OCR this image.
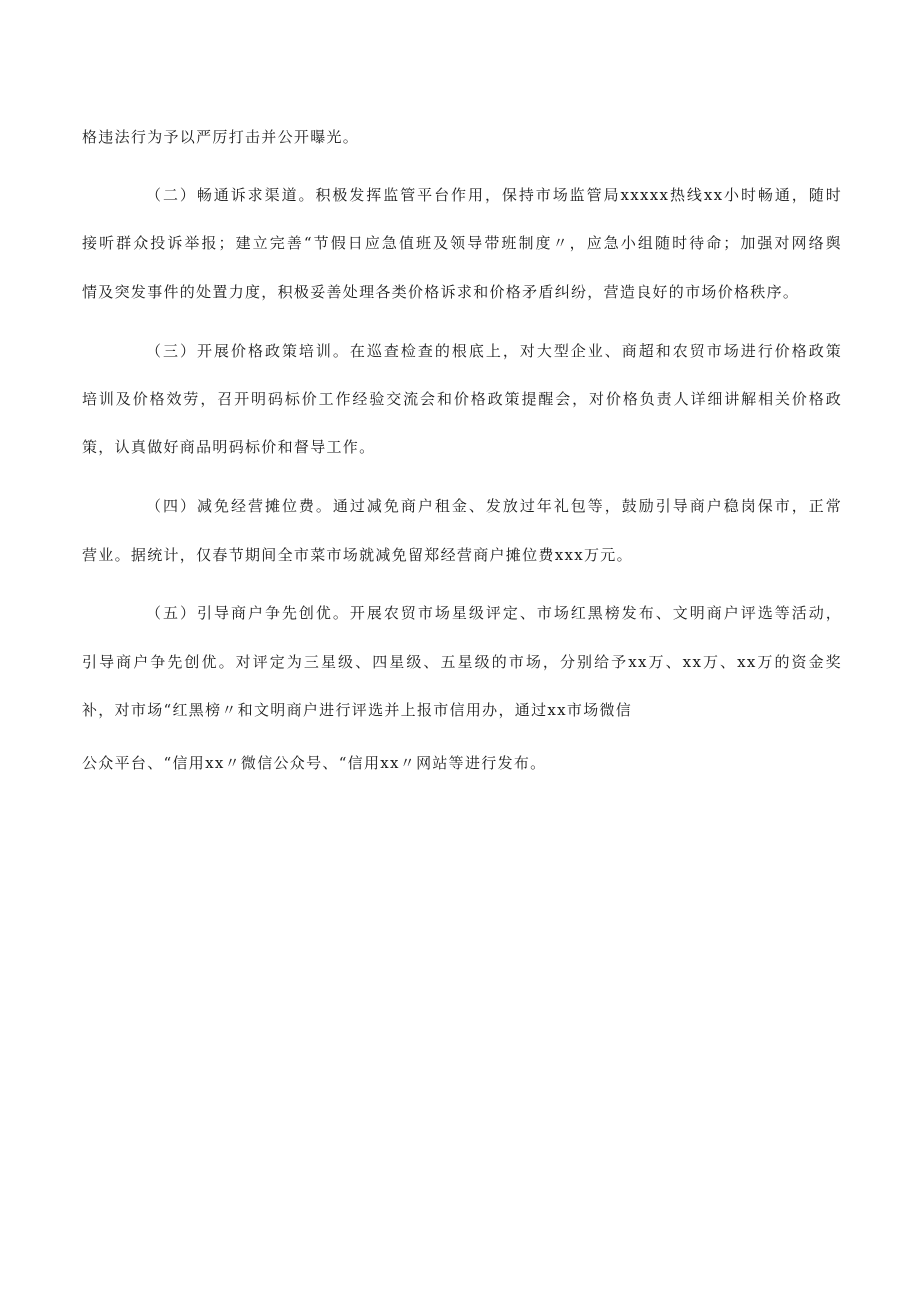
格违法行为予以严厉打击并公开曝光。
（二）畅通诉求渠道。积极发挥监管平台作用，保持市场监管局xxxxx热线xx小时畅通，随时
接听群众投诉举报；建立完善“节假日应急值班及领导带班制度〃，应急小组随时待命；加强对网络舆
情及突发事件的处置力度，积极妥善处理各类价格诉求和价格矛盾纠纷，营造良好的市场价格秩序。
（三）开展价格政策培训。在巡查检查的根底上，对大型企业、商超和农贸市场进行价格政策
培训及价格效劳，召开明码标价工作经验交流会和价格政策提醒会，对价格负责人详细讲解相关价格政
策，认真做好商品明码标价和督导工作。
（四）减免经营摊位费。通过减免商户租金、发放过年礼包等，鼓励引导商户稳岗保市，正常
营业。据统计，仅春节期间全市菜市场就减免留郑经营商户摊位费xxx万元。
（五）引导商户争先创优。开展农贸市场星级评定、市场红黑榜发布、文明商户评选等活动，
引导商户争先创优。对评定为三星级、四星级、五星级的市场，分别给予xx万、xx万、xx万的资金奖
补，对市场“红黑榜〃和文明商户进行评选并上报市信用办，通过xx市场微信
公众平台、“信用xx〃微信公众号、“信用xx〃网站等进行发布。
